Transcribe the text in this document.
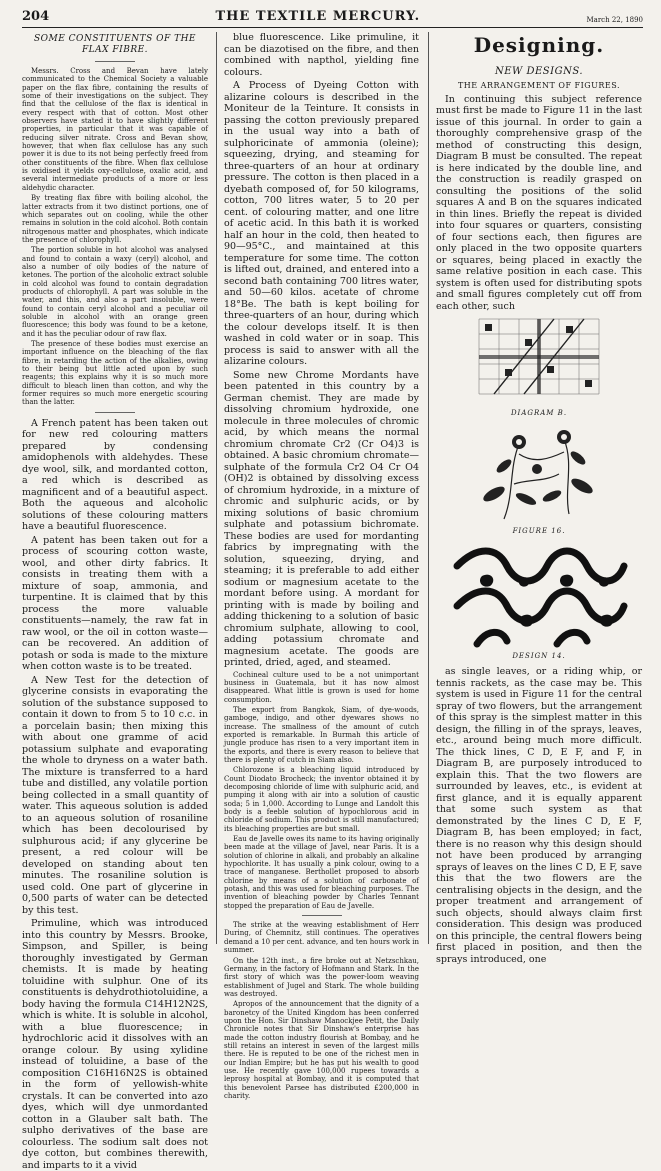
204	THE TEXTILE MERCURY.	March 22, 1890
SOME CONSTITUENTS OF THE FLAX FIBRE.

Messrs. Cross and Bevan have lately communicated to the Chemical Society a valuable paper on the flax fibre, containing the results of some of their investigations on the subject. They find that the cellulose of the flax is identical in every respect with that of cotton. Most other observers have stated it to have slightly different properties, in particular that it was capable of reducing silver nitrate. Cross and Bevan show, however, that when flax cellulose has any such power it is due to its not being perfectly freed from other constituents of the fibre. When flax cellulose is oxidised it yields oxy-cellulose, oxalic acid, and several intermediate products of a more or less aldehydic character.

By treating flax fibre with boiling alcohol, the latter extracts from it two distinct portions, one of which separates out on cooling, while the other remains in solution in the cold alcohol. Both contain nitrogenous matter and phosphates, which indicate the presence of chlorophyll.

The portion soluble in hot alcohol was analysed and found to contain a waxy (ceryl) alcohol, and also a number of oily bodies of the nature of ketones. The portion of the alcoholic extract soluble in cold alcohol was found to contain degradation products of chlorophyll. A part was soluble in the water, and this, and also a part insoluble, were found to contain ceryl alcohol and a peculiar oil soluble in alcohol with an orange green fluorescence; this body was found to be a ketone, and it has the peculiar odour of raw flax.

The presence of these bodies must exercise an important influence on the bleaching of the flax fibre, in retarding the action of the alkalies, owing to their being but little acted upon by such reagents; this explains why it is so much more difficult to bleach linen than cotton, and why the former requires so much more energetic scouring than the latter.

A French patent has been taken out for new red colouring matters prepared by condensing amidophenols with aldehydes. These dye wool, silk, and mordanted cotton, a red which is described as magnificent and of a beautiful aspect. Both the aqueous and alcoholic solutions of these colouring matters have a beautiful fluorescence.

A patent has been taken out for a process of scouring cotton waste, wool, and other dirty fabrics. It consists in treating them with a mixture of soap, ammonia, and turpentine. It is claimed that by this process the more valuable constituents—namely, the raw fat in raw wool, or the oil in cotton waste—can be recovered. An addition of potash or soda is made to the mixture when cotton waste is to be treated.

A New Test for the detection of glycerine consists in evaporating the solution of the substance supposed to contain it down to from 5 to 10 c.c. in a porcelain basin; then mixing this with about one gramme of acid potassium sulphate and evaporating the whole to dryness on a water bath. The mixture is transferred to a hard tube and distilled, any volatile portion being collected in a small quantity of water. This aqueous solution is added to an aqueous solution of rosaniline which has been decolourised by sulphurous acid; if any glycerine be present, a red colour will be developed on standing about ten minutes. The rosaniline solution is used cold. One part of glycerine in 0,500 parts of water can be detected by this test.

Primuline, which was introduced into this country by Messrs. Brooke, Simpson, and Spiller, is being thoroughly investigated by German chemists. It is made by heating toluidine with sulphur. One of its constituents is dehydrothiotoluidine, a body having the formula C14H12N2S, which is white. It is soluble in alcohol, with a blue fluorescence; in hydrochloric acid it dissolves with an orange colour. By using xylidine instead of toluidine, a base of the composition C16H16N2S is obtained in the form of yellowish-white crystals. It can be converted into azo dyes, which will dye unmordanted cotton in a Glauber salt bath. The sulpho derivatives of the base are colourless. The sodium salt does not dye cotton, but combines therewith, and imparts to it a vivid

blue fluorescence. Like primuline, it can be diazotised on the fibre, and then combined with napthol, yielding fine colours.

A Process of Dyeing Cotton with alizarine colours is described in the Moniteur de la Teinture. It consists in passing the cotton previously prepared in the usual way into a bath of sulphoricinate of ammonia (oleine); squeezing, drying, and steaming for three-quarters of an hour at ordinary pressure. The cotton is then placed in a dyebath composed of, for 50 kilograms, cotton, 700 litres water, 5 to 20 per cent. of colouring matter, and one litre of acetic acid. In this bath it is worked half an hour in the cold, then heated to 90—95°C., and maintained at this temperature for some time. The cotton is lifted out, drained, and entered into a second bath containing 700 litres water, and 50—60 kilos. acetate of chrome 18°Be. The bath is kept boiling for three-quarters of an hour, during which the colour develops itself. It is then washed in cold water or in soap. This process is said to answer with all the alizarine colours.

Some new Chrome Mordants have been patented in this country by a German chemist. They are made by dissolving chromium hydroxide, one molecule in three molecules of chromic acid, by which means the normal chromium chromate Cr2 (Cr O4)3 is obtained. A basic chromium chromate—sulphate of the formula Cr2 O4 Cr O4 (OH)2 is obtained by dissolving excess of chromium hydroxide, in a mixture of chromic and sulphuric acids, or by mixing solutions of basic chromium sulphate and potassium bichromate. These bodies are used for mordanting fabrics by impregnating with the solution, squeezing, drying, and steaming; it is preferable to add either sodium or magnesium acetate to the mordant before using. A mordant for printing with is made by boiling and adding thickening to a solution of basic chromium sulphate, allowing to cool, adding potassium chromate and magnesium acetate. The goods are printed, dried, aged, and steamed.

Cochineal culture used to be a not unimportant business in Guatemala, but it has now almost disappeared. What little is grown is used for home consumption.

The export from Bangkok, Siam, of dye-woods, gamboge, indigo, and other dyewares shows no increase. The smallness of the amount of cutch exported is remarkable. In Burmah this article of jungle produce has risen to a very important item in the exports, and there is every reason to believe that there is plenty of cutch in Siam also.

Chlorozone is a bleaching liquid introduced by Count Diodato Brocheck; the inventor obtained it by decomposing chloride of lime with sulphuric acid, and pumping it along with air into a solution of caustic soda; 5 in 1,000. According to Lunge and Landolt this body is a feeble solution of hypochlorous acid in chloride of sodium. This product is still manufactured; its bleaching properties are but small.

Eau de Javelle owes its name to its having originally been made at the village of Javel, near Paris. It is a solution of chlorine in alkali, and probably an alkaline hypochlorite. It has usually a pink colour, owing to a trace of manganese. Berthollet proposed to absorb chlorine by means of a solution of carbonate of potash, and this was used for bleaching purposes. The invention of bleaching powder by Charles Tennant stopped the preparation of Eau de Javelle.

The strike at the weaving establishment of Herr During, of Chemnitz, still continues. The operatives demand a 10 per cent. advance, and ten hours work in summer.

On the 12th inst., a fire broke out at Netzschkau, Germany, in the factory of Hofmann and Stark. In the first story of which was the power-loom weaving establishment of Jugel and Stark. The whole building was destroyed.

Apropos of the announcement that the dignity of a baronetcy of the United Kingdom has been conferred upon the Hon. Sir Dinshaw Manockjee Petit, the Daily Chronicle notes that Sir Dinshaw's enterprise has made the cotton industry flourish at Bombay, and he still retains an interest in seven of the largest mills there. He is reputed to be one of the richest men in our Indian Empire; but he has put his wealth to good use. He recently gave 100,000 rupees towards a leprosy hospital at Bombay, and it is computed that this benevolent Parsee has distributed £200,000 in charity.

Designing.
NEW DESIGNS.
THE ARRANGEMENT OF FIGURES.

In continuing this subject reference must first be made to Figure 11 in the last issue of this journal. In order to gain a thoroughly comprehensive grasp of the method of constructing this design, Diagram B must be consulted. The repeat is here indicated by the double line, and the construction is readily grasped on consulting the positions of the solid squares A and B on the squares indicated in thin lines. Briefly the repeat is divided into four squares or quarters, consisting of four sections each, then figures are only placed in the two opposite quarters or squares, being placed in exactly the same relative position in each case. This system is often used for distributing spots and small figures completely cut off from each other, such

DIAGRAM B.
FIGURE 16.
DESIGN 14.

as single leaves, or a riding whip, or tennis rackets, as the case may be. This system is used in Figure 11 for the central spray of two flowers, but the arrangement of this spray is the simplest matter in this design, the filling in of the sprays, leaves, etc., around being much more difficult. The thick lines, C D, E F, and F, in Diagram B, are purposely introduced to explain this. That the two flowers are surrounded by leaves, etc., is evident at first glance, and it is equally apparent that some such system as that demonstrated by the lines C D, E F, Diagram B, has been employed; in fact, there is no reason why this design should not have been produced by arranging sprays of leaves on the lines C D, E F, save this that the two flowers are the centralising objects in the design, and the proper treatment and arrangement of such objects, should always claim first consideration. This design was produced on this principle, the central flowers being first placed in position, and then the sprays introduced, one
